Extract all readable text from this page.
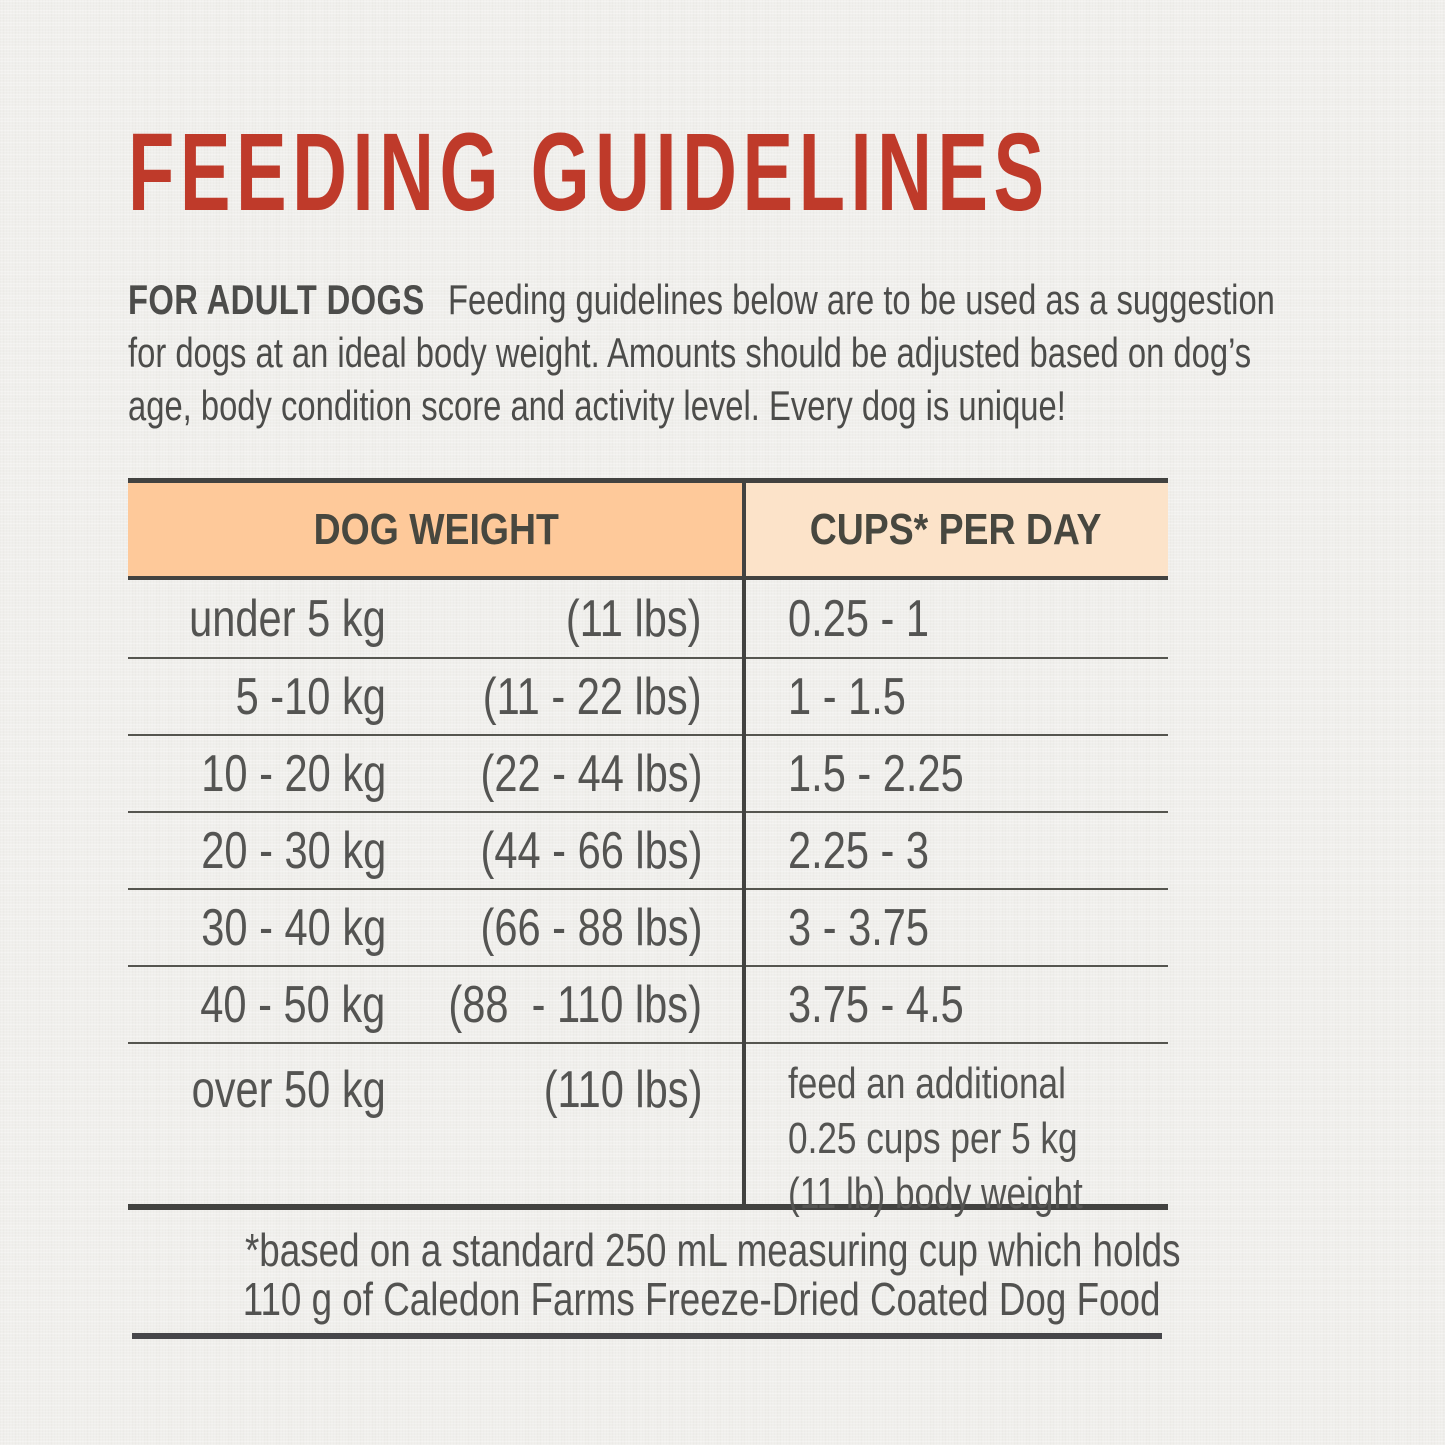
FEEDING GUIDELINES
FOR ADULT DOGS Feeding guidelines below are to be used as a suggestion
for dogs at an ideal body weight. Amounts should be adjusted based on dog’s
age, body condition score and activity level. Every dog is unique!
DOG WEIGHT	CUPS* PER DAY
under 5 kg	(11 lbs)	0.25 - 1
5 -10 kg (11 - 22 lbs)	1 - 1.5
10 - 20 kg (22 - 44 lbs)	1.5 - 2.25
20 - 30 kg (44 - 66 lbs)	2.25 - 3
30 - 40 kg (66 - 88 lbs)	3 - 3.75
40 - 50 kg (88  - 110 lbs)	3.75 - 4.5
over 50 kg	(110 lbs) feed an additional
0.25 cups per 5 kg
(11 lb) body weight
*based on a standard 250 mL measuring cup which holds
110 g of Caledon Farms Freeze-Dried Coated Dog Food
